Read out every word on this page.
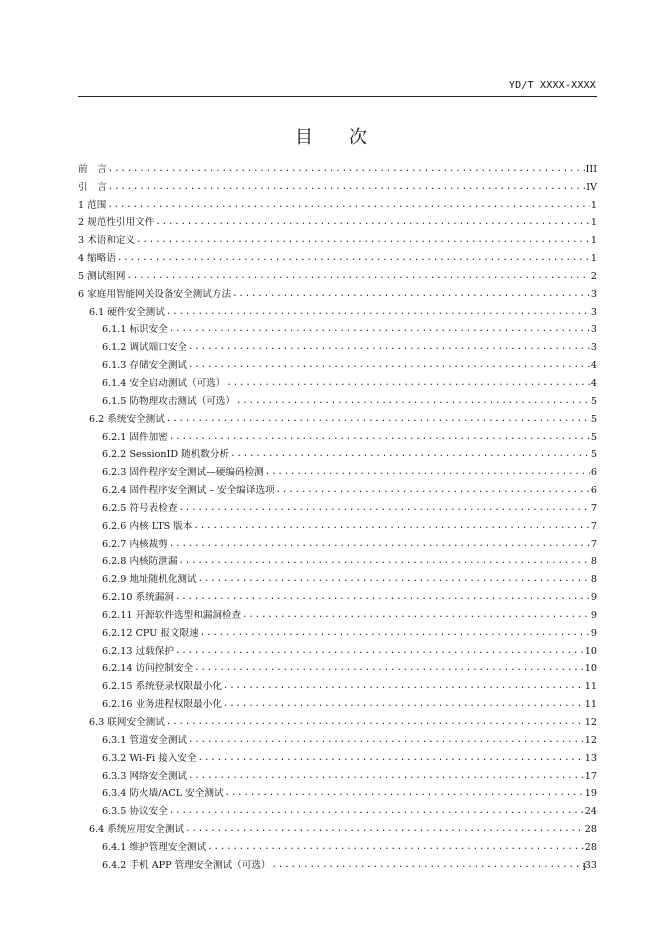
YD/T XXXX-XXXX
目　　次
前　言 .....	III
引　言 .....	IV
1 范围 .....	1
2 规范性引用文件 .....	1
3 术语和定义 .....	1
4 缩略语 .....	1
5 测试组网 .....	2
6 家庭用智能网关设备安全测试方法 .....	3
6.1 硬件安全测试 .....	3
6.1.1 标识安全 .....	3
6.1.2 调试端口安全 .....	3
6.1.3 存储安全测试 .....	4
6.1.4 安全启动测试（可选） .....	4
6.1.5 防物理攻击测试（可选） .....	5
6.2 系统安全测试 .....	5
6.2.1 固件加密 .....	5
6.2.2 SessionID 随机数分析 .....	5
6.2.3 固件程序安全测试—硬编码检测 .....	6
6.2.4 固件程序安全测试 – 安全编译选项 .....	6
6.2.5 符号表检查 .....	7
6.2.6 内核 LTS 版本 .....	7
6.2.7 内核裁剪 .....	7
6.2.8 内核防泄漏 .....	8
6.2.9 地址随机化测试 .....	8
6.2.10 系统漏洞 .....	9
6.2.11 开源软件选型和漏洞检查 .....	9
6.2.12 CPU 报文限速 .....	9
6.2.13 过载保护 .....	10
6.2.14 访问控制安全 .....	10
6.2.15 系统登录权限最小化 .....	11
6.2.16 业务进程权限最小化 .....	11
6.3 联网安全测试 .....	12
6.3.1 管道安全测试 .....	12
6.3.2 Wi-Fi 接入安全 .....	13
6.3.3 网络安全测试 .....	17
6.3.4 防火墙/ACL 安全测试 .....	19
6.3.5 协议安全 .....	24
6.4 系统应用安全测试 .....	28
6.4.1 维护管理安全测试 .....	28
6.4.2 手机 APP 管理安全测试（可选） .....	33
I
